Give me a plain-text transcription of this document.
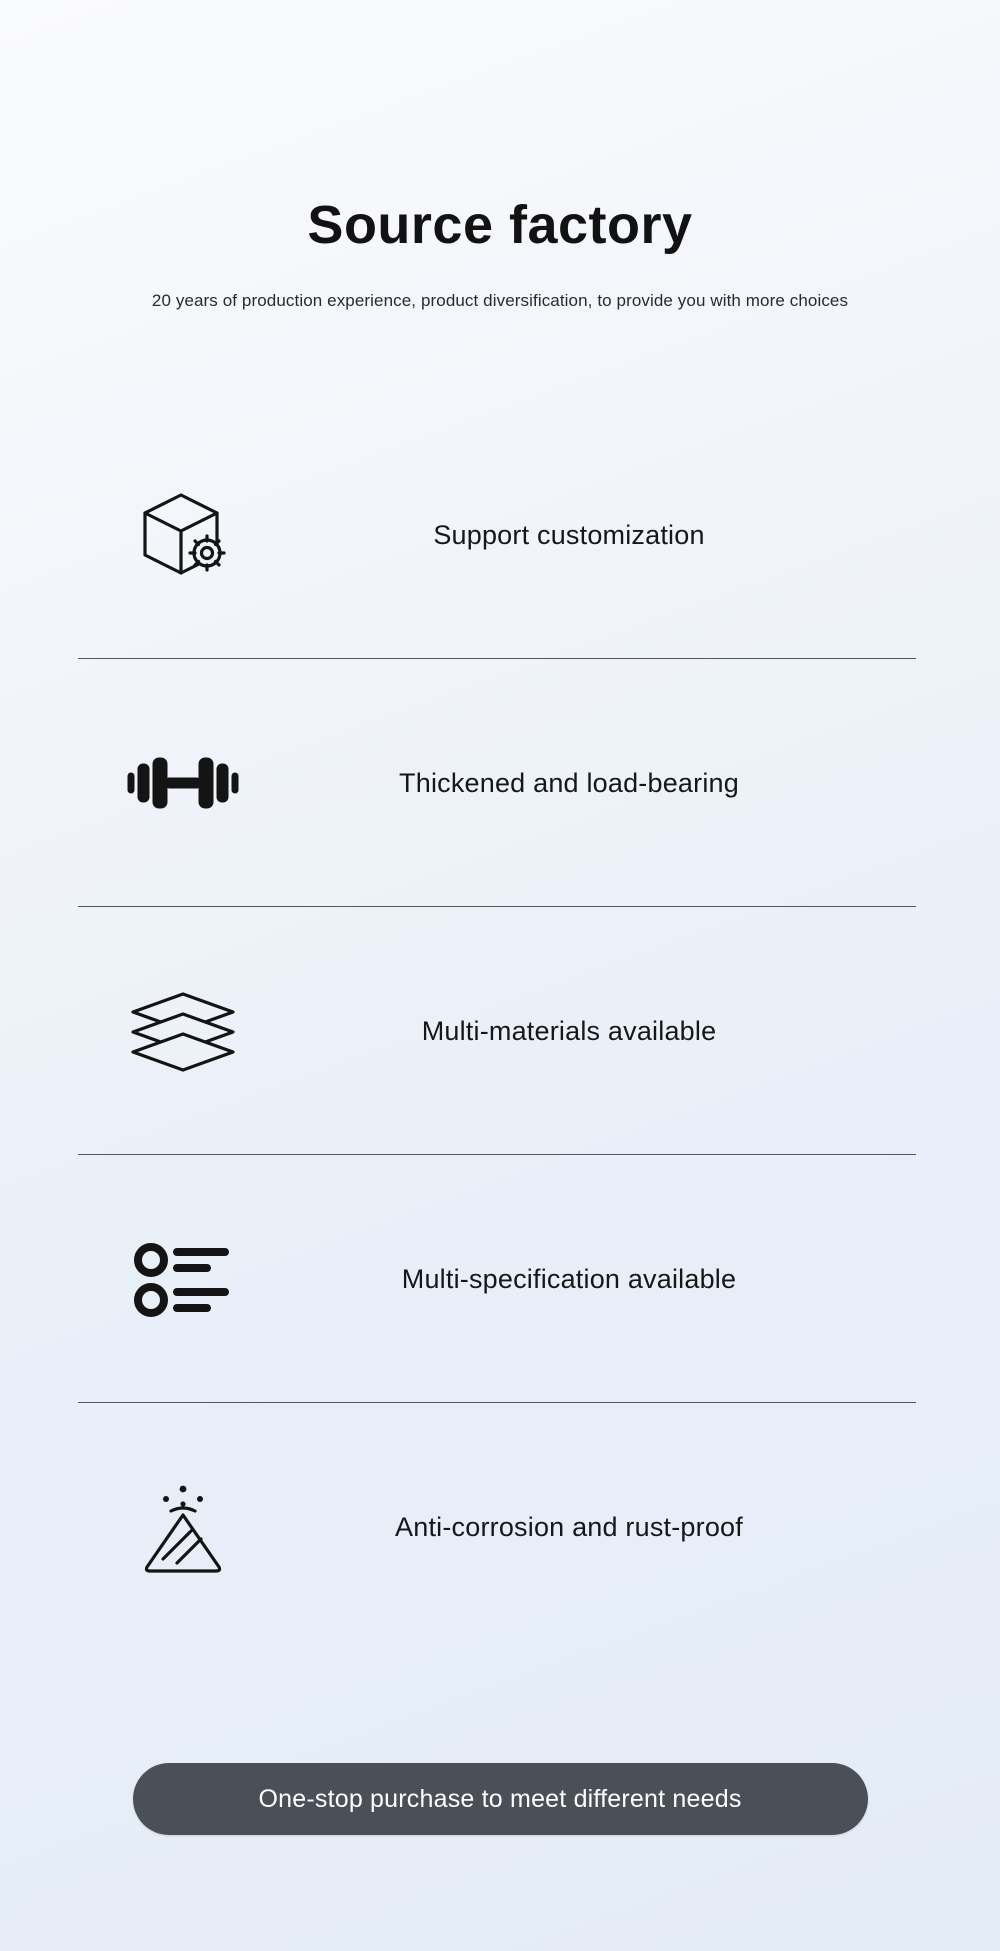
Source factory

20 years of production experience, product diversification, to provide you with more choices

Support customization
Thickened and load-bearing
Multi-materials available
Multi-specification available
Anti-corrosion and rust-proof
One-stop purchase to meet different needs
